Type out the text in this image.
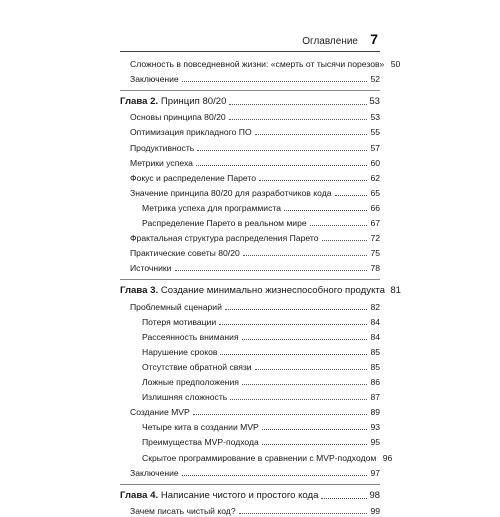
Оглавление 7
Сложность в повседневной жизни: «смерть от тысячи порезов» 50
Заключение	52
Глава 2. Принцип 80/20	53
Основы принципа 80/20	53
Оптимизация прикладного ПО	55
Продуктивность	57
Метрики успеха	60
Фокус и распределение Парето	62
Значение принципа 80/20 для разработчиков кода	65
Метрика успеха для программиста	66
Распределение Парето в реальном мире	67
Фрактальная структура распределения Парето	72
Практические советы 80/20	75
Источники	78
Глава 3. Создание минимально жизнеспособного продукта 81
Проблемный сценарий	82
Потеря мотивации	84
Рассеянность внимания	84
Нарушение сроков	85
Отсутствие обратной связи	85
Ложные предположения	86
Излишняя сложность	87
Создание MVP	89
Четыре кита в создании MVP	93
Преимущества MVP-подхода	95
Скрытое программирование в сравнении с MVP-подходом 96
Заключение	97
Глава 4. Написание чистого и простого кода	98
Зачем писать чистый код?	99
